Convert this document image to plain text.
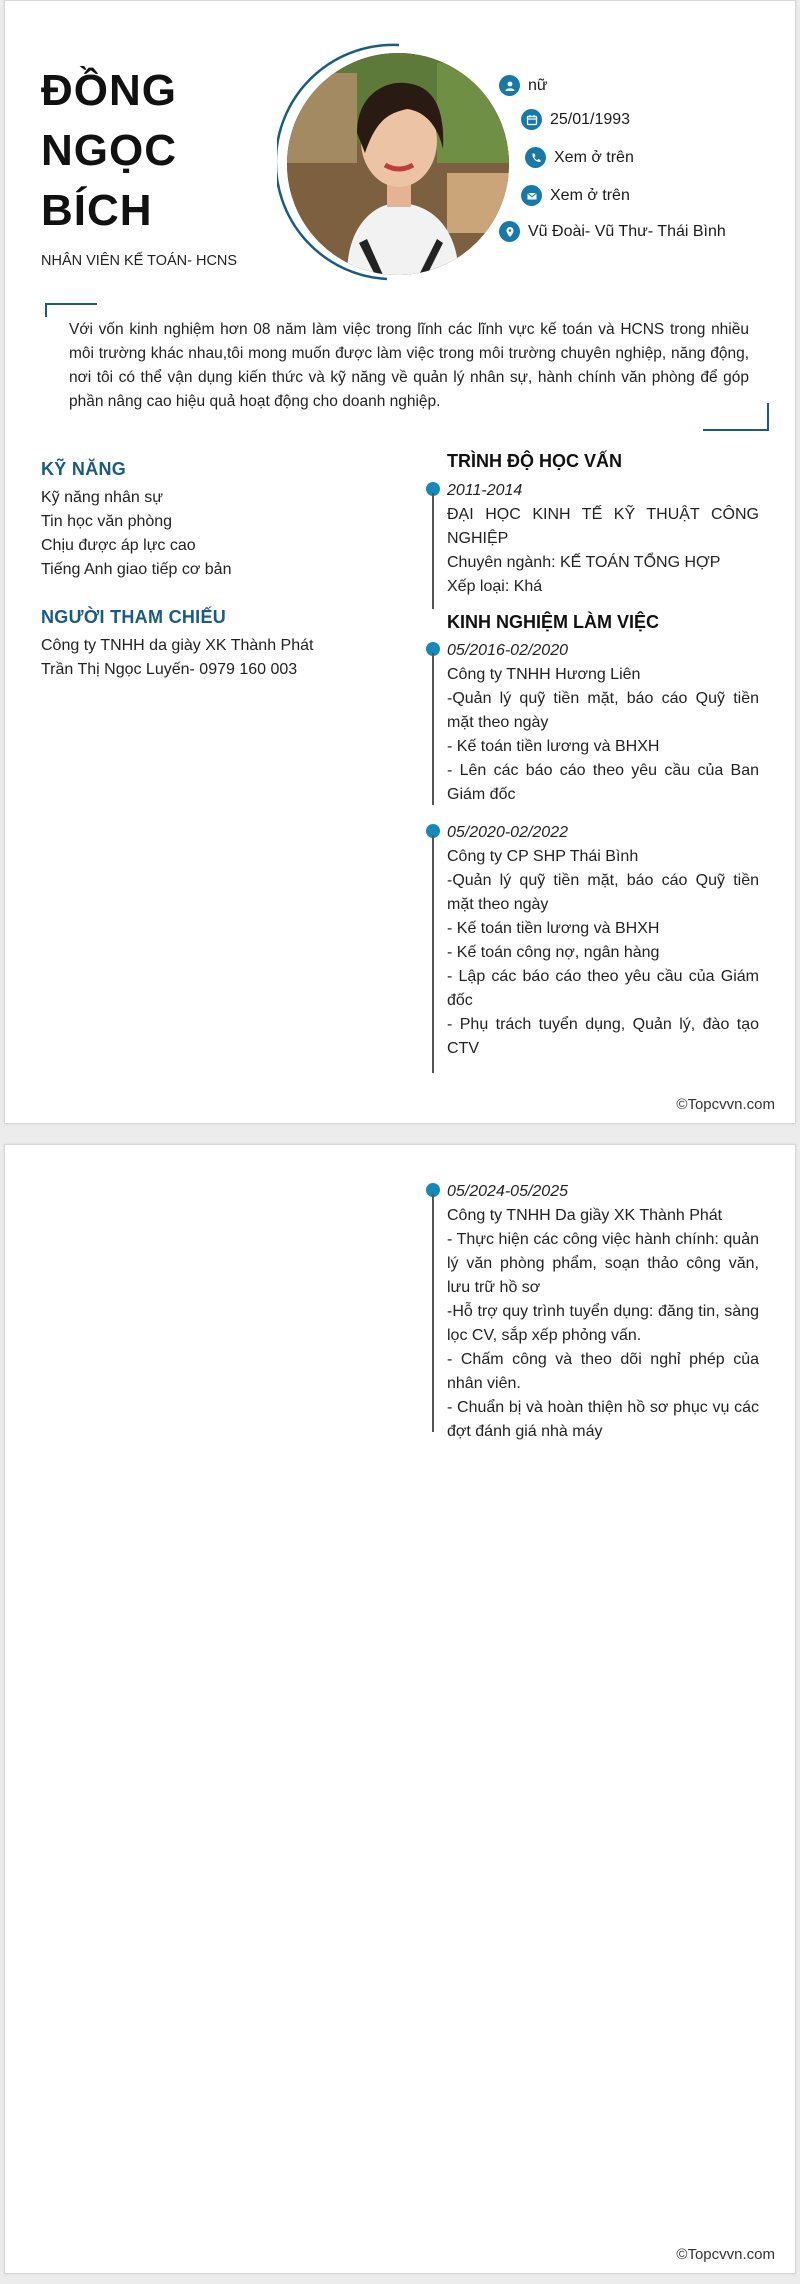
ĐỒNG
NGỌC
BÍCH
NHÂN VIÊN KẾ TOÁN- HCNS
nữ
25/01/1993
Xem ở trên
Xem ở trên
Vũ Đoài- Vũ Thư- Thái Bình
Với vốn kinh nghiệm hơn 08 năm làm việc trong lĩnh các lĩnh vực kế toán và HCNS trong nhiều môi trường khác nhau,tôi mong muốn được làm việc trong môi trường chuyên nghiệp, năng động, nơi tôi có thể vận dụng kiến thức và kỹ năng về quản lý nhân sự, hành chính văn phòng để góp phần nâng cao hiệu quả hoạt động cho doanh nghiệp.
KỸ NĂNG
Kỹ năng nhân sự
Tin học văn phòng
Chịu được áp lực cao
Tiếng Anh giao tiếp cơ bản
NGƯỜI THAM CHIẾU
Công ty TNHH da giày XK Thành Phát
Trần Thị Ngọc Luyến- 0979 160 003
TRÌNH ĐỘ HỌC VẤN
2011-2014
ĐẠI HỌC KINH TẾ KỸ THUẬT CÔNG NGHIỆP
Chuyên ngành: KẾ TOÁN TỔNG HỢP
Xếp loại: Khá
KINH NGHIỆM LÀM VIỆC
05/2016-02/2020
Công ty TNHH Hương Liên
-Quản lý quỹ tiền mặt, báo cáo Quỹ tiền mặt theo ngày
- Kế toán tiền lương và BHXH
- Lên các báo cáo theo yêu cầu của Ban Giám đốc
05/2020-02/2022
Công ty CP SHP Thái Bình
-Quản lý quỹ tiền mặt, báo cáo Quỹ tiền mặt theo ngày
- Kế toán tiền lương và BHXH
- Kế toán công nợ, ngân hàng
- Lập các báo cáo theo yêu cầu của Giám đốc
- Phụ trách tuyển dụng, Quản lý, đào tạo CTV
©Topcvvn.com
05/2024-05/2025
Công ty TNHH Da giầy XK Thành Phát
- Thực hiện các công việc hành chính: quản lý văn phòng phẩm, soạn thảo công văn, lưu trữ hồ sơ
-Hỗ trợ quy trình tuyển dụng: đăng tin, sàng lọc CV, sắp xếp phỏng vấn.
- Chấm công và theo dõi nghỉ phép của nhân viên.
- Chuẩn bị và hoàn thiện hồ sơ phục vụ các đợt đánh giá nhà máy
©Topcvvn.com
